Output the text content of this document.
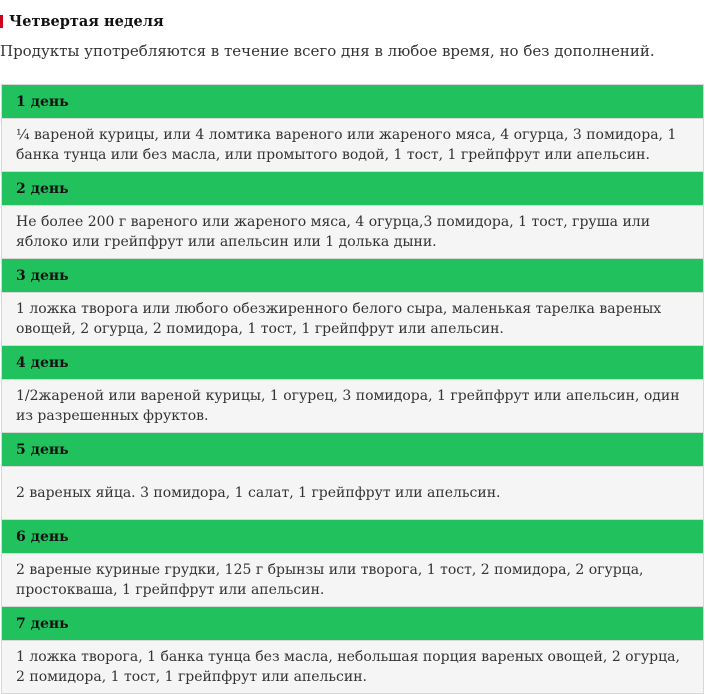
Четвертая неделя
Продукты употребляются в течение всего дня в любое время, но без дополнений.
1 день
¼ вареной курицы, или 4 ломтика вареного или жареного мяса, 4 огурца, 3 помидора, 1 банка тунца или без масла, или промытого водой, 1 тост, 1 грейпфрут или апельсин.
2 день
Не более 200 г вареного или жареного мяса, 4 огурца,3 помидора, 1 тост, груша или яблоко или грейпфрут или апельсин или 1 долька дыни.
3 день
1 ложка творога или любого обезжиренного белого сыра, маленькая тарелка вареных овощей, 2 огурца, 2 помидора, 1 тост, 1 грейпфрут или апельсин.
4 день
1/2жареной или вареной курицы, 1 огурец, 3 помидора, 1 грейпфрут или апельсин, один из разрешенных фруктов.
5 день
2 вареных яйца. 3 помидора, 1 салат, 1 грейпфрут или апельсин.
6 день
2 вареные куриные грудки, 125 г брынзы или творога, 1 тост, 2 помидора, 2 огурца, простокваша, 1 грейпфрут или апельсин.
7 день
1 ложка творога, 1 банка тунца без масла, небольшая порция вареных овощей, 2 огурца, 2 помидора, 1 тост, 1 грейпфрут или апельсин.
